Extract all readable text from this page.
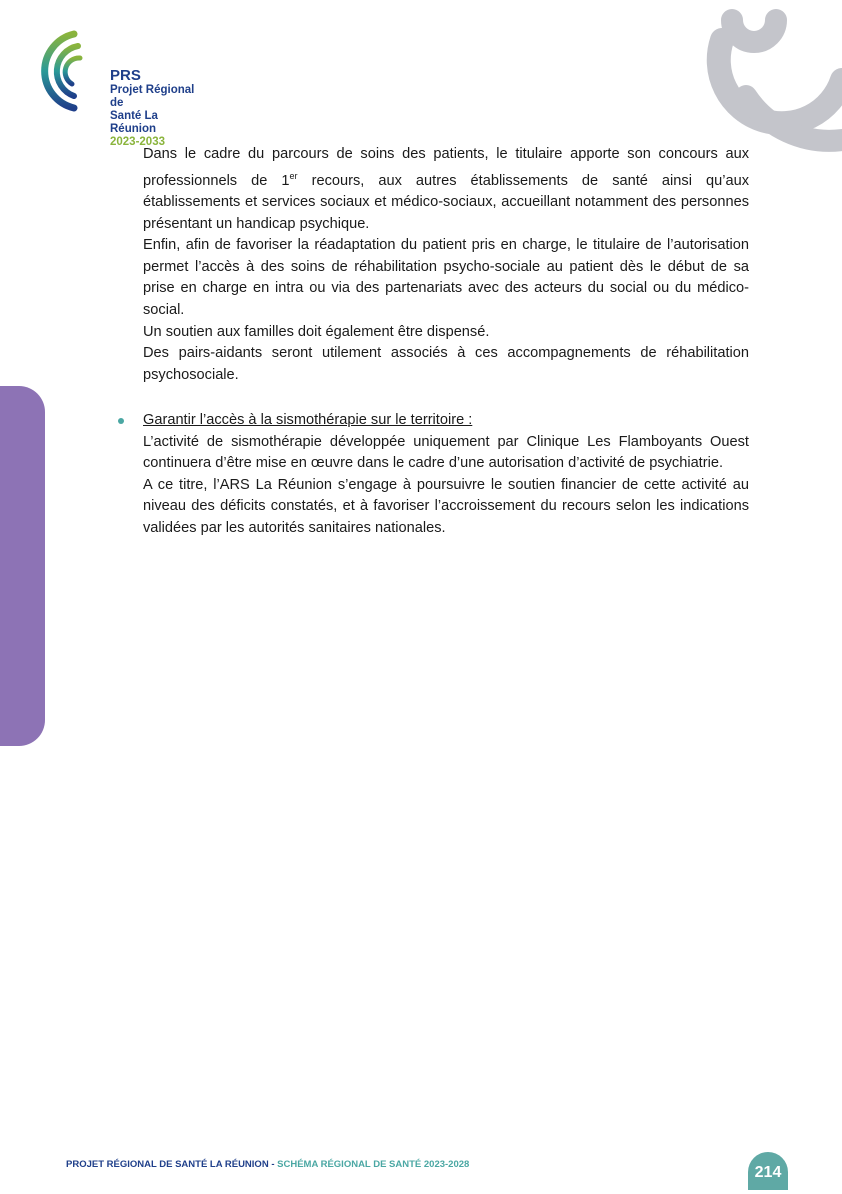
PRS
Projet Régional de
Santé La Réunion
2023-2033
Activité - Psychiatrie

Dans le cadre du parcours de soins des patients, le titulaire apporte son concours aux professionnels de 1er recours, aux autres établissements de santé ainsi qu’aux établissements et services sociaux et médico-sociaux, accueillant notamment des personnes présentant un handicap psychique.

Enfin, afin de favoriser la réadaptation du patient pris en charge, le titulaire de l’autorisation permet l’accès à des soins de réhabilitation psycho-sociale au patient dès le début de sa prise en charge en intra ou via des partenariats avec des acteurs du social ou du médico-social.

Un soutien aux familles doit également être dispensé.

Des pairs-aidants seront utilement associés à ces accompagnements de réhabilitation psychosociale.

Garantir l’accès à la sismothérapie sur le territoire :

L’activité de sismothérapie développée uniquement par Clinique Les Flamboyants Ouest continuera d’être mise en œuvre dans le cadre d’une autorisation d’activité de psychiatrie.

A ce titre, l’ARS La Réunion s’engage à poursuivre le soutien financier de cette activité au niveau des déficits constatés, et à favoriser l’accroissement du recours selon les indications validées par les autorités sanitaires nationales.

PROJET RÉGIONAL DE SANTÉ LA RÉUNION - SCHÉMA RÉGIONAL DE SANTÉ 2023-2028	214
